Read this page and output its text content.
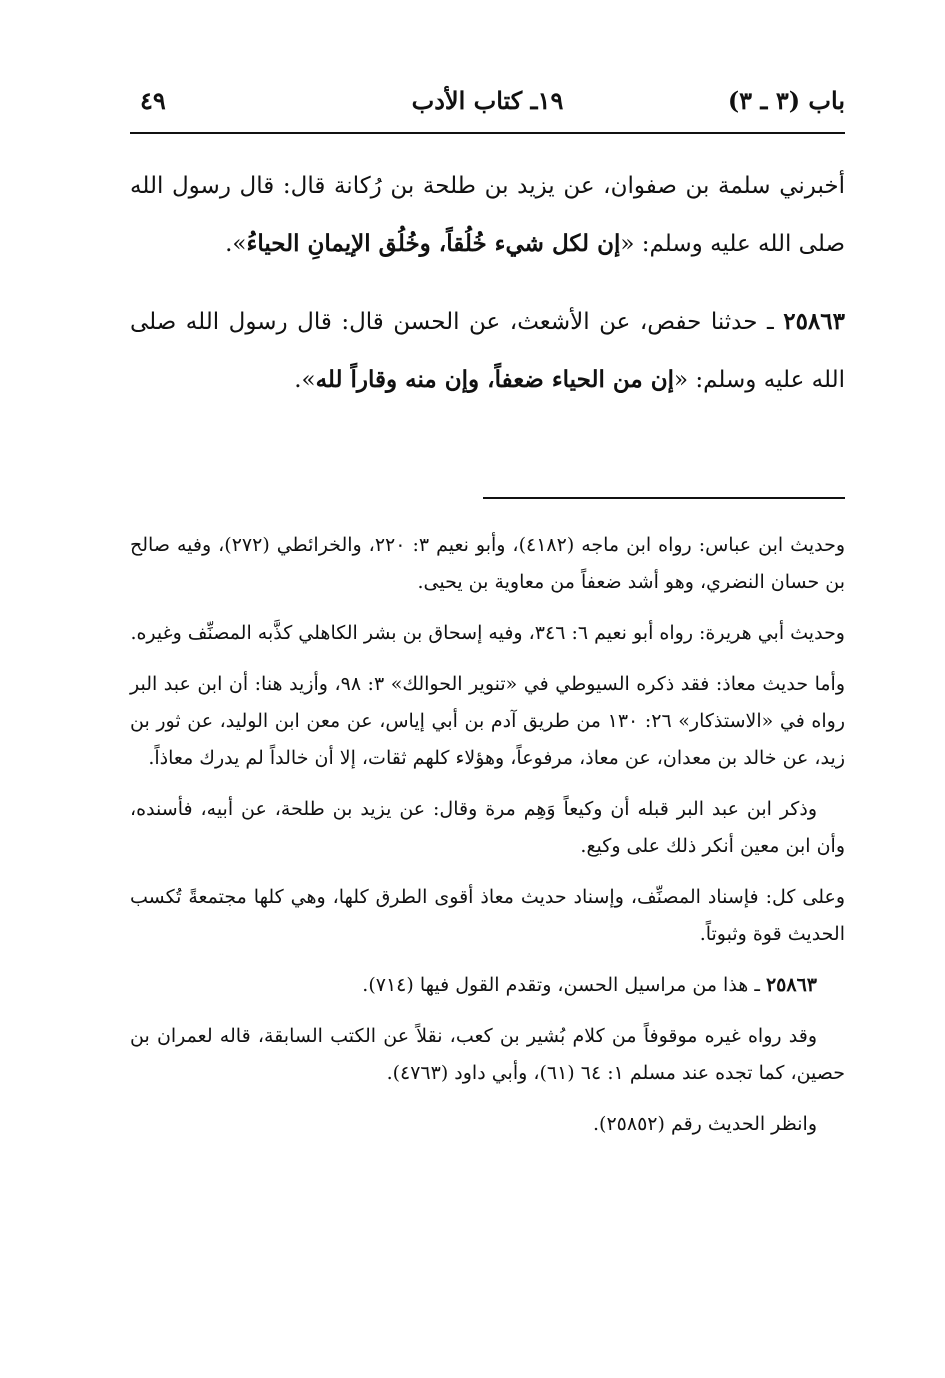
باب (٣ ـ ٣)
١٩ـ كتاب الأدب
٤٩

أخبرني سلمة بن صفوان، عن يزيد بن طلحة بن رُكانة قال: قال رسول الله صلى الله عليه وسلم: «إن لكل شيء خُلُقاً، وخُلُق الإيمانِ الحياءُ».

٢٥٨٦٣ ـ حدثنا حفص، عن الأشعث، عن الحسن قال: قال رسول الله صلى الله عليه وسلم: «إن من الحياء ضعفاً، وإن منه وقاراً لله».

وحديث ابن عباس: رواه ابن ماجه (٤١٨٢)، وأبو نعيم ٣: ٢٢٠، والخرائطي (٢٧٢)، وفيه صالح بن حسان النضري، وهو أشد ضعفاً من معاوية بن يحيى.

وحديث أبي هريرة: رواه أبو نعيم ٦: ٣٤٦، وفيه إسحاق بن بشر الكاهلي كذَّبه المصنِّف وغيره.

وأما حديث معاذ: فقد ذكره السيوطي في «تنوير الحوالك» ٣: ٩٨، وأزيد هنا: أن ابن عبد البر رواه في «الاستذكار» ٢٦: ١٣٠ من طريق آدم بن أبي إياس، عن معن ابن الوليد، عن ثور بن زيد، عن خالد بن معدان، عن معاذ، مرفوعاً، وهؤلاء كلهم ثقات، إلا أن خالداً لم يدرك معاذاً.

وذكر ابن عبد البر قبله أن وكيعاً وَهِم مرة وقال: عن يزيد بن طلحة، عن أبيه، فأسنده، وأن ابن معين أنكر ذلك على وكيع.

وعلى كل: فإسناد المصنِّف، وإسناد حديث معاذ أقوى الطرق كلها، وهي كلها مجتمعةً تُكسب الحديث قوة وثبوتاً.

٢٥٨٦٣ ـ هذا من مراسيل الحسن، وتقدم القول فيها (٧١٤).

وقد رواه غيره موقوفاً من كلام بُشير بن كعب، نقلاً عن الكتب السابقة، قاله لعمران بن حصين، كما تجده عند مسلم ١: ٦٤ (٦١)، وأبي داود (٤٧٦٣).

وانظر الحديث رقم (٢٥٨٥٢).
